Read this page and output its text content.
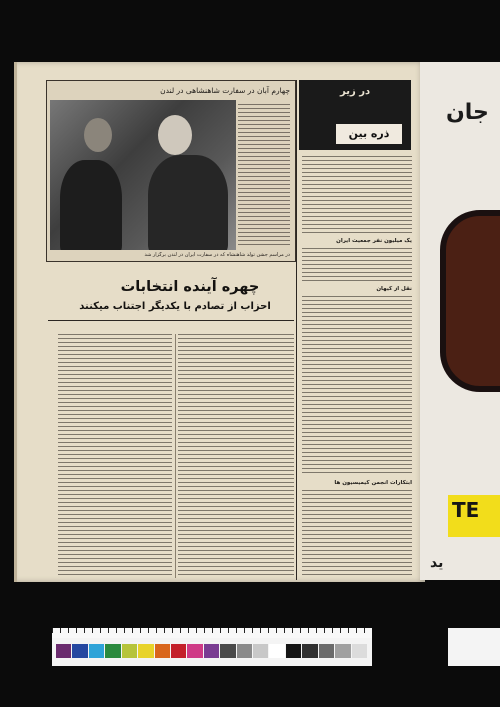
چهارم آبان در سفارت شاهنشاهی در لندن
در مراسم جشن تولد شاهنشاه که در سفارت ایران در لندن برگزار شد
چهره آینده انتخابات
احزاب از تصادم با یکدیگر اجتناب میکنند
در زیر
ذره بین
یک میلیون نفر جمعیت ایران
نقل از کیهان
ابتکارات انجمن کیمیسیون ها
جان
TE
ید
